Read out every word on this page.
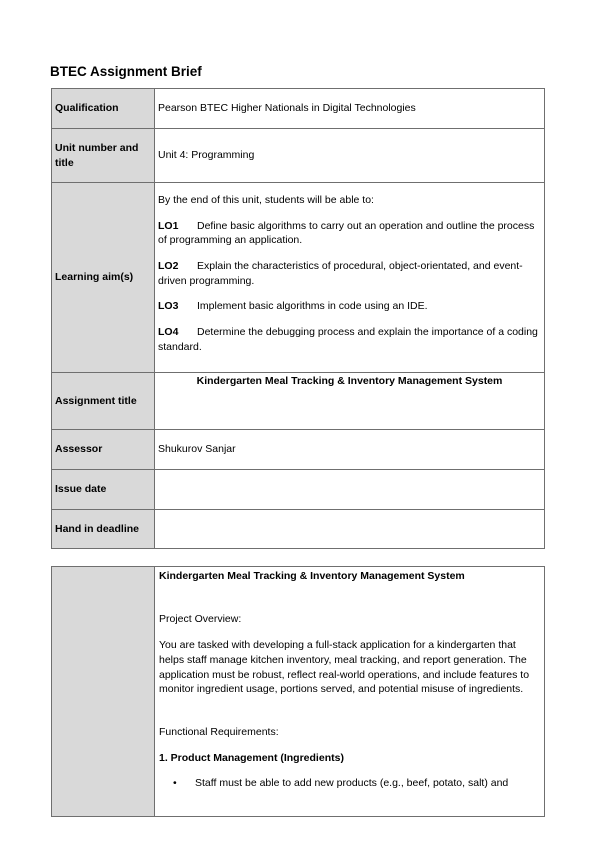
BTEC Assignment Brief
Qualification	Pearson BTEC Higher Nationals in Digital Technologies
Unit number and title	Unit 4: Programming
Learning aim(s)	By the end of this unit, students will be able to:

LO1 Define basic algorithms to carry out an operation and outline the process of programming an application.

LO2 Explain the characteristics of procedural, object-orientated, and event-driven programming.

LO3 Implement basic algorithms in code using an IDE.

LO4 Determine the debugging process and explain the importance of a coding standard.

Assignment title	Kindergarten Meal Tracking & Inventory Management System
Assessor	Shukurov Sanjar
Issue date	
Hand in deadline	

Kindergarten Meal Tracking & Inventory Management System
Project Overview:
You are tasked with developing a full-stack application for a kindergarten that helps staff manage kitchen inventory, meal tracking, and report generation. The application must be robust, reflect real-world operations, and include features to monitor ingredient usage, portions served, and potential misuse of ingredients.
Functional Requirements:
1. Product Management (Ingredients)
•	Staff must be able to add new products (e.g., beef, potato, salt) and
